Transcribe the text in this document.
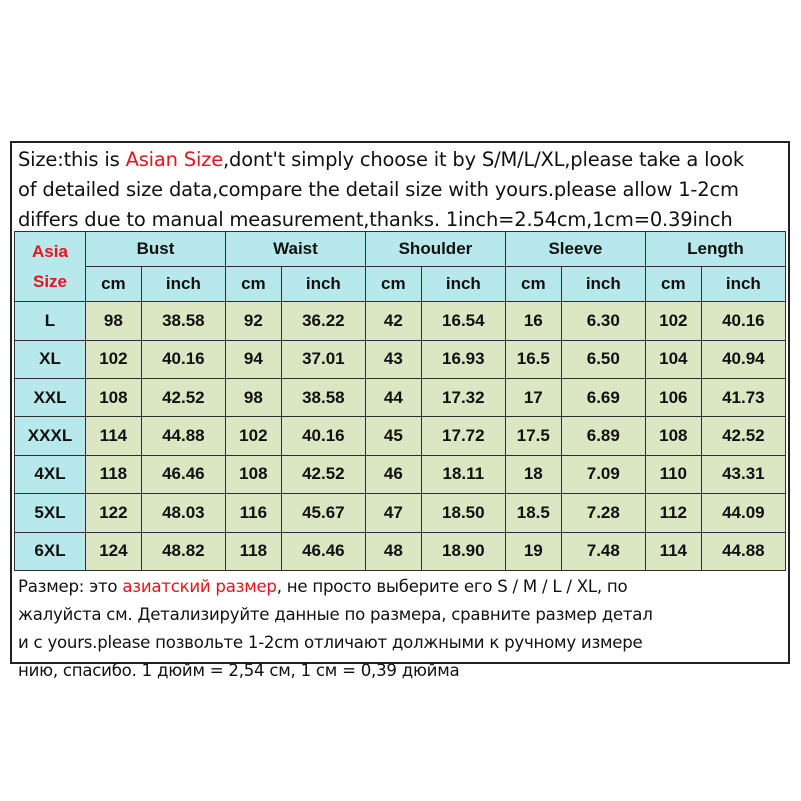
Size:this is Asian Size,dont't simply choose it by S/M/L/XL,please take a look
of detailed size data,compare the detail size with yours.please allow 1-2cm
differs due to manual measurement,thanks. 1inch=2.54cm,1cm=0.39inch
Asia
Size	Bust		Waist		Shoulder		Sleeve		Length	
	cm	inch	cm	inch	cm	inch	cm	inch	cm	inch
L	98	38.58	92	36.22	42	16.54	16	6.30	102	40.16
XL	102	40.16	94	37.01	43	16.93	16.5	6.50	104	40.94
XXL	108	42.52	98	38.58	44	17.32	17	6.69	106	41.73
XXXL	114	44.88	102	40.16	45	17.72	17.5	6.89	108	42.52
4XL	118	46.46	108	42.52	46	18.11	18	7.09	110	43.31
5XL	122	48.03	116	45.67	47	18.50	18.5	7.28	112	44.09
6XL	124	48.82	118	46.46	48	18.90	19	7.48	114	44.88
Размер: это азиатский размер, не просто выберите его S / M / L / XL, по
жалуйста см. Детализируйте данные по размера, сравните размер детал
и с yours.please позвольте 1-2cm отличают должными к ручному измере
нию, спасибо. 1 дюйм = 2,54 см, 1 см = 0,39 дюйма
